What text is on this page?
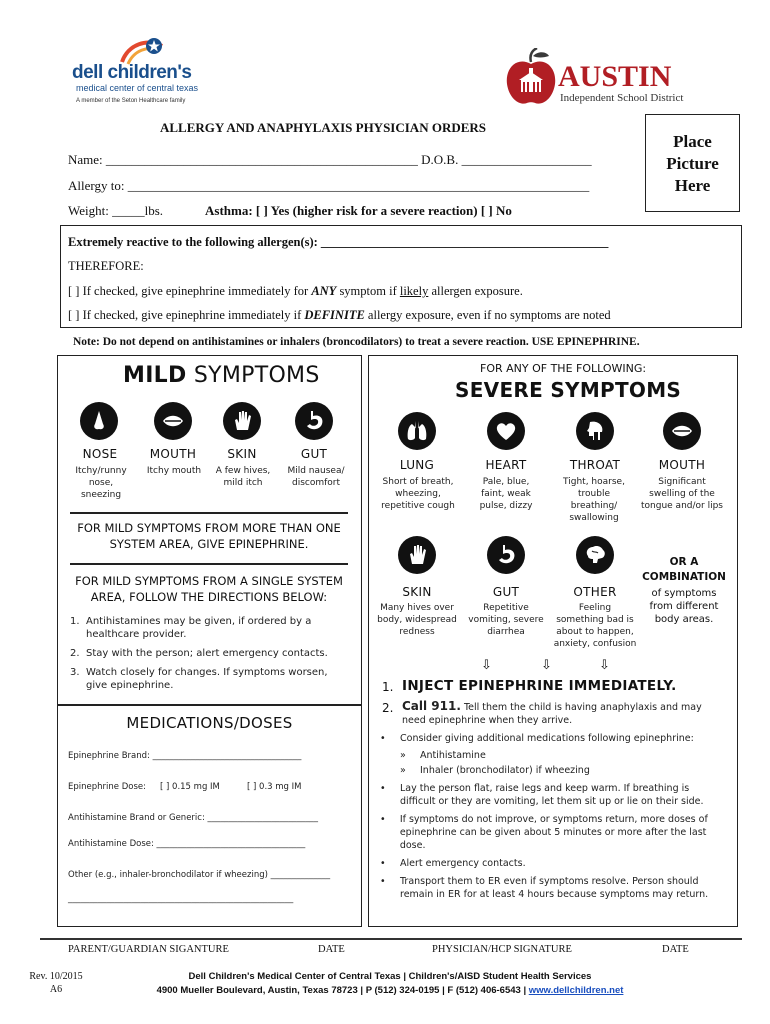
dell children's
medical center of central texas
A member of the Seton Healthcare family
AUSTIN
Independent School District
ALLERGY AND ANAPHYLAXIS PHYSICIAN ORDERS
Name: ________________________________________________ D.O.B. ____________________
Allergy to: _______________________________________________________________________
Weight: _____lbs.	Asthma: [ ] Yes (higher risk for a severe reaction) [ ] No
Place
Picture
Here
Extremely reactive to the following allergen(s): ______________________________________________
THEREFORE:
[ ] If checked, give epinephrine immediately for ANY symptom if likely allergen exposure.
[ ] If checked, give epinephrine immediately if DEFINITE allergy exposure, even if no symptoms are noted
Note: Do not depend on antihistamines or inhalers (broncodilators) to treat a severe reaction. USE EPINEPHRINE.
MILD SYMPTOMS
NOSE	MOUTH	SKIN	GUT
Itchy/runny
nose,
sneezing
Itchy mouth	A few hives,
mild itch
Mild nausea/
discomfort
FOR MILD SYMPTOMS FROM MORE THAN ONE
SYSTEM AREA, GIVE EPINEPHRINE.
FOR MILD SYMPTOMS FROM A SINGLE SYSTEM
AREA, FOLLOW THE DIRECTIONS BELOW:
1. Antihistamines may be given, if ordered by a
healthcare provider.
2. Stay with the person; alert emergency contacts.
3. Watch closely for changes. If symptoms worsen,
give epinephrine.
MEDICATIONS/DOSES
Epinephrine Brand: ___________________________________
Epinephrine Dose: [ ] 0.15 mg IM	[ ] 0.3 mg IM
Antihistamine Brand or Generic: __________________________
Antihistamine Dose: ___________________________________
Other (e.g., inhaler-bronchodilator if wheezing) ______________
_____________________________________________________
FOR ANY OF THE FOLLOWING:
SEVERE SYMPTOMS
LUNG	HEART	THROAT	MOUTH
Short of breath,
wheezing,
repetitive cough
Pale, blue,
faint, weak
pulse, dizzy
Tight, hoarse,
trouble
breathing/
swallowing
Significant
swelling of the
tongue and/or lips
SKIN	GUT	OTHER
Many hives over
body, widespread
redness
Repetitive
vomiting, severe
diarrhea
Feeling
something bad is
about to happen,
anxiety, confusion
OR A
COMBINATION
of symptoms
from different
body areas.
⇩	⇩	⇩
1. INJECT EPINEPHRINE IMMEDIATELY.
2. Call 911. Tell them the child is having anaphylaxis and may
need epinephrine when they arrive.
•	Consider giving additional medications following epinephrine:
»	Antihistamine
»	Inhaler (bronchodilator) if wheezing
•	Lay the person flat, raise legs and keep warm. If breathing is
difficult or they are vomiting, let them sit up or lie on their side.
•	If symptoms do not improve, or symptoms return, more doses of
epinephrine can be given about 5 minutes or more after the last dose.
•	Alert emergency contacts.
•	Transport them to ER even if symptoms resolve. Person should
remain in ER for at least 4 hours because symptoms may return.
PARENT/GUARDIAN SIGANTURE	DATE	PHYSICIAN/HCP SIGNATURE	DATE
Rev. 10/2015
A6
Dell Children's Medical Center of Central Texas | Children's/AISD Student Health Services
4900 Mueller Boulevard, Austin, Texas 78723 | P (512) 324-0195 | F (512) 406-6543 | www.dellchildren.net
